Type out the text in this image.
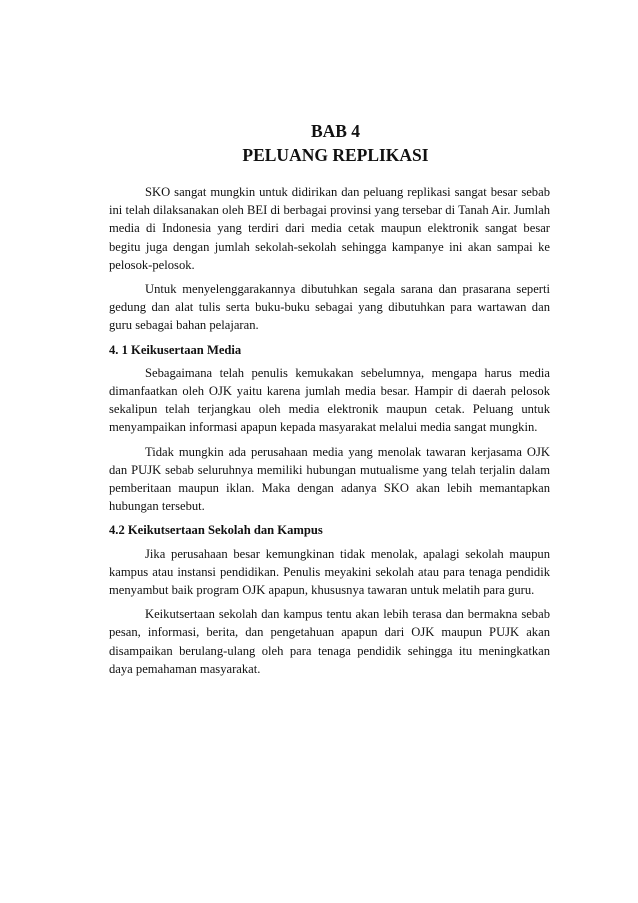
BAB 4
PELUANG REPLIKASI

SKO sangat mungkin untuk didirikan dan peluang replikasi sangat besar sebab ini telah dilaksanakan oleh BEI di berbagai provinsi yang tersebar di Tanah Air. Jumlah media di Indonesia yang terdiri dari media cetak maupun elektronik sangat besar begitu juga dengan jumlah sekolah-sekolah sehingga kampanye ini akan sampai ke pelosok-pelosok.

Untuk menyelenggarakannya dibutuhkan segala sarana dan prasarana seperti gedung dan alat tulis serta buku-buku sebagai yang dibutuhkan para wartawan dan guru sebagai bahan pelajaran.

4. 1 Keikusertaan Media

Sebagaimana telah penulis kemukakan sebelumnya, mengapa harus media dimanfaatkan oleh OJK yaitu karena jumlah media besar. Hampir di daerah pelosok sekalipun telah terjangkau oleh media elektronik maupun cetak. Peluang untuk menyampaikan informasi apapun kepada masyarakat melalui media sangat mungkin.

Tidak mungkin ada perusahaan media yang menolak tawaran kerjasama OJK dan PUJK sebab seluruhnya memiliki hubungan mutualisme yang telah terjalin dalam pemberitaan maupun iklan. Maka dengan adanya SKO akan lebih memantapkan hubungan tersebut.

4.2 Keikutsertaan Sekolah dan Kampus

Jika perusahaan besar kemungkinan tidak menolak, apalagi sekolah maupun kampus atau instansi pendidikan. Penulis meyakini sekolah atau para tenaga pendidik menyambut baik program OJK apapun, khususnya tawaran untuk melatih para guru.

Keikutsertaan sekolah dan kampus tentu akan lebih terasa dan bermakna sebab pesan, informasi, berita, dan pengetahuan apapun dari OJK maupun PUJK akan disampaikan berulang-ulang oleh para tenaga pendidik sehingga itu meningkatkan daya pemahaman masyarakat.
